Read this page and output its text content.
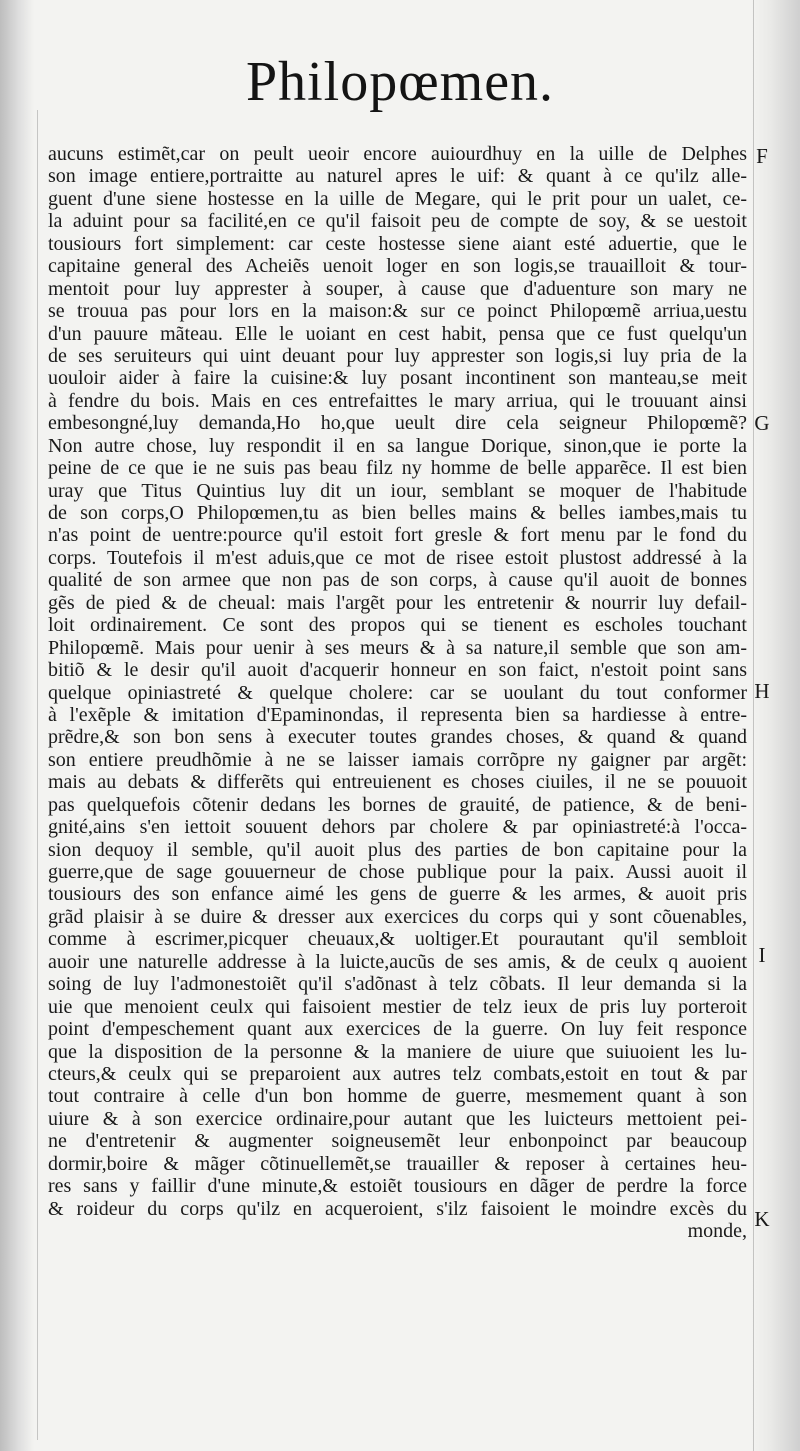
Philopœmen.
aucuns estimẽt,car on peult ueoir encore auiourdhuy en la uille de Delphes
son image entiere,portraitte au naturel apres le uif: & quant à ce qu'ilz alle-
guent d'une siene hostesse en la uille de Megare, qui le prit pour un ualet, ce-
la aduint pour sa facilité,en ce qu'il faisoit peu de compte de soy, & se uestoit
tousiours fort simplement: car ceste hostesse siene aiant esté aduertie, que le
capitaine general des Acheiẽs uenoit loger en son logis,se trauailloit & tour-
mentoit pour luy apprester à souper, à cause que d'aduenture son mary ne
se trouua pas pour lors en la maison:& sur ce poinct Philopœmẽ arriua,uestu
d'un pauure mãteau. Elle le uoiant en cest habit, pensa que ce fust quelqu'un
de ses seruiteurs qui uint deuant pour luy apprester son logis,si luy pria de la
uouloir aider à faire la cuisine:& luy posant incontinent son manteau,se meit
à fendre du bois. Mais en ces entrefaittes le mary arriua, qui le trouuant ainsi
embesongné,luy demanda,Ho ho,que ueult dire cela seigneur Philopœmẽ?
Non autre chose, luy respondit il en sa langue Dorique, sinon,que ie porte la
peine de ce que ie ne suis pas beau filz ny homme de belle apparẽce. Il est bien
uray que Titus Quintius luy dit un iour, semblant se moquer de l'habitude
de son corps,O Philopœmen,tu as bien belles mains & belles iambes,mais tu
n'as point de uentre:pource qu'il estoit fort gresle & fort menu par le fond du
corps. Toutefois il m'est aduis,que ce mot de risee estoit plustost addressé à la
qualité de son armee que non pas de son corps, à cause qu'il auoit de bonnes
gẽs de pied & de cheual: mais l'argẽt pour les entretenir & nourrir luy defail-
loit ordinairement. Ce sont des propos qui se tienent es escholes touchant
Philopœmẽ. Mais pour uenir à ses meurs & à sa nature,il semble que son am-
bitiõ & le desir qu'il auoit d'acquerir honneur en son faict, n'estoit point sans
quelque opiniastreté & quelque cholere: car se uoulant du tout conformer
à l'exẽple & imitation d'Epaminondas, il representa bien sa hardiesse à entre-
prẽdre,& son bon sens à executer toutes grandes choses, & quand & quand
son entiere preudhõmie à ne se laisser iamais corrõpre ny gaigner par argẽt:
mais au debats & differẽts qui entreuienent es choses ciuiles, il ne se pouuoit
pas quelquefois cõtenir dedans les bornes de grauité, de patience, & de beni-
gnité,ains s'en iettoit souuent dehors par cholere & par opiniastreté:à l'occa-
sion dequoy il semble, qu'il auoit plus des parties de bon capitaine pour la
guerre,que de sage gouuerneur de chose publique pour la paix. Aussi auoit il
tousiours des son enfance aimé les gens de guerre & les armes, & auoit pris
grãd plaisir à se duire & dresser aux exercices du corps qui y sont cõuenables,
comme à escrimer,picquer cheuaux,& uoltiger.Et pourautant qu'il sembloit
auoir une naturelle addresse à la luicte,aucũs de ses amis, & de ceulx q auoient
soing de luy l'admonestoiẽt qu'il s'adõnast à telz cõbats. Il leur demanda si la
uie que menoient ceulx qui faisoient mestier de telz ieux de pris luy porteroit
point d'empeschement quant aux exercices de la guerre. On luy feit responce
que la disposition de la personne & la maniere de uiure que suiuoient les lu-
cteurs,& ceulx qui se preparoient aux autres telz combats,estoit en tout & par
tout contraire à celle d'un bon homme de guerre, mesmement quant à son
uiure & à son exercice ordinaire,pour autant que les luicteurs mettoient pei-
ne d'entretenir & augmenter soigneusemẽt leur enbonpoinct par beaucoup
dormir,boire & mãger cõtinuellemẽt,se trauailler & reposer à certaines heu-
res sans y faillir d'une minute,& estoiẽt tousiours en dãger de perdre la force
& roideur du corps qu'ilz en acqueroient, s'ilz faisoient le moindre excès du
monde,
F
G
H
I
K
